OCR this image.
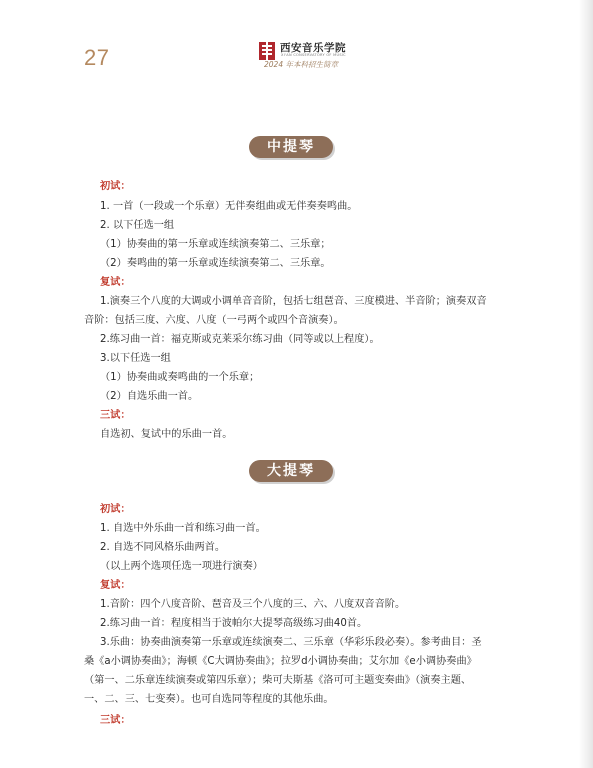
27	西安音乐学院
XI'AN CONSERVATORY OF MUSIC
2024 年本科招生简章
中提琴
初试：
1. 一首（一段或一个乐章）无伴奏组曲或无伴奏奏鸣曲。
2. 以下任选一组
（1）协奏曲的第一乐章或连续演奏第二、三乐章；
（2）奏鸣曲的第一乐章或连续演奏第二、三乐章。
复试：
1.演奏三个八度的大调或小调单音音阶，包括七组琶音、三度模进、半音阶；演奏双音
音阶：包括三度、六度、八度（一弓两个或四个音演奏）。
2.练习曲一首：福克斯或克莱采尔练习曲（同等或以上程度）。
3.以下任选一组
（1）协奏曲或奏鸣曲的一个乐章；
（2）自选乐曲一首。
三试：
自选初、复试中的乐曲一首。
大提琴
初试：
1. 自选中外乐曲一首和练习曲一首。
2. 自选不同风格乐曲两首。
（以上两个选项任选一项进行演奏）
复试：
1.音阶：四个八度音阶、琶音及三个八度的三、六、八度双音音阶。
2.练习曲一首：程度相当于波帕尔大提琴高级练习曲40首。
3.乐曲：协奏曲演奏第一乐章或连续演奏二、三乐章（华彩乐段必奏）。参考曲目：圣
桑《a小调协奏曲》；海顿《C大调协奏曲》；拉罗d小调协奏曲；艾尔加《e小调协奏曲》
（第一、二乐章连续演奏或第四乐章）；柴可夫斯基《洛可可主题变奏曲》（演奏主题、
一、二、三、七变奏）。也可自选同等程度的其他乐曲。
三试：
